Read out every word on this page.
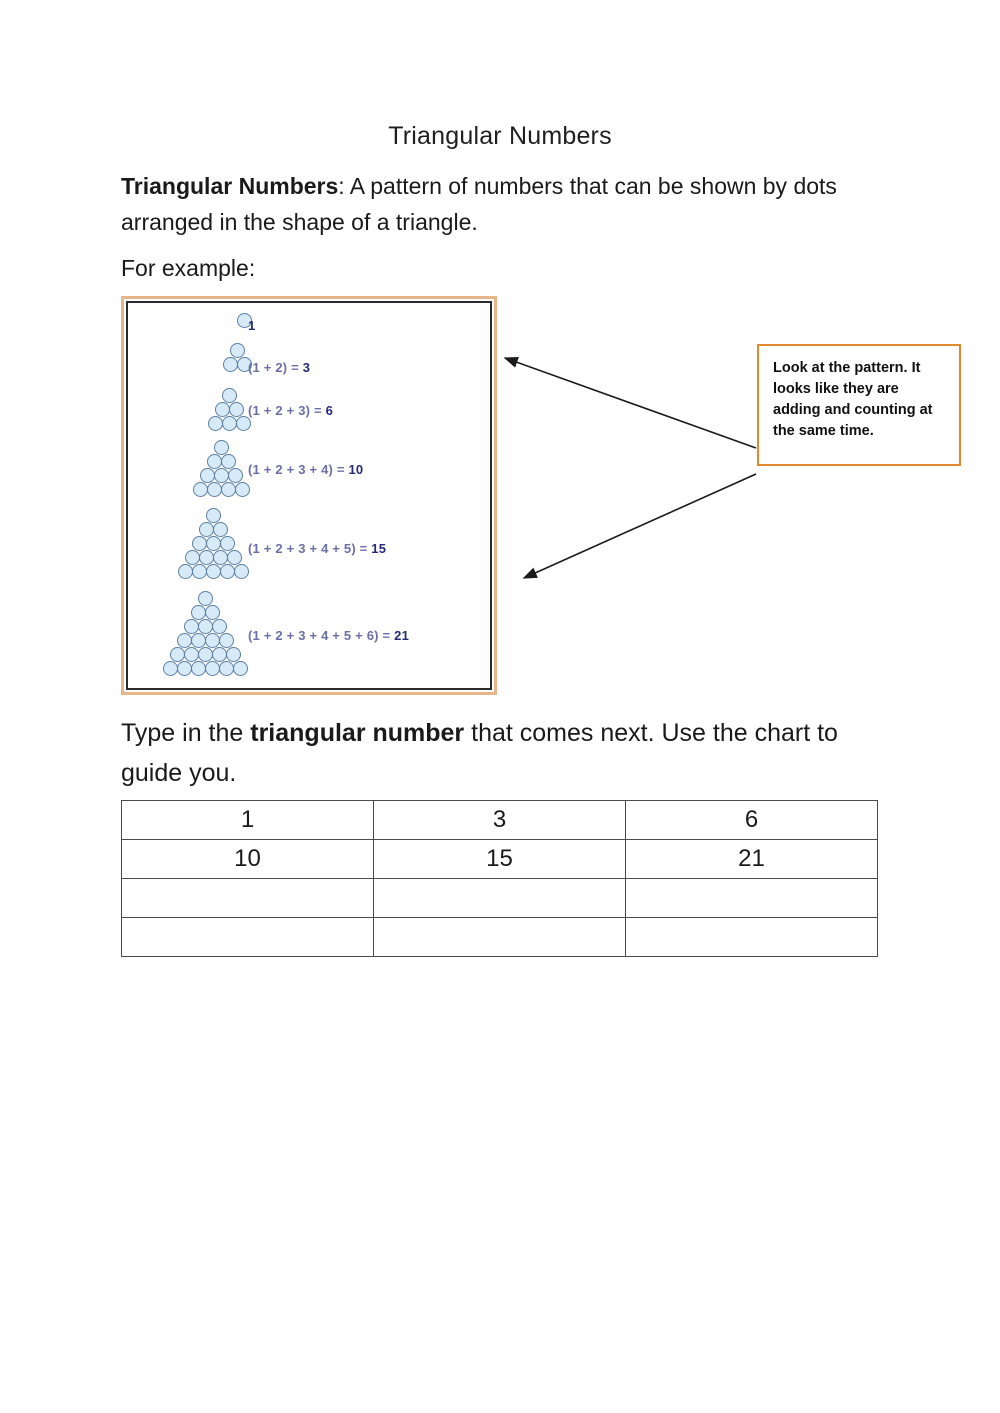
Triangular Numbers
Triangular Numbers: A pattern of numbers that can be shown by dots arranged in the shape of a triangle.
For example:
1
(1 + 2) = 3
(1 + 2 + 3) = 6
(1 + 2 + 3 + 4) = 10
(1 + 2 + 3 + 4 + 5) = 15
(1 + 2 + 3 + 4 + 5 + 6) = 21
Look at the pattern. It looks like they are adding and counting at the same time.
Type in the triangular number that comes next. Use the chart to guide you.
1	3	6
10	15	21
